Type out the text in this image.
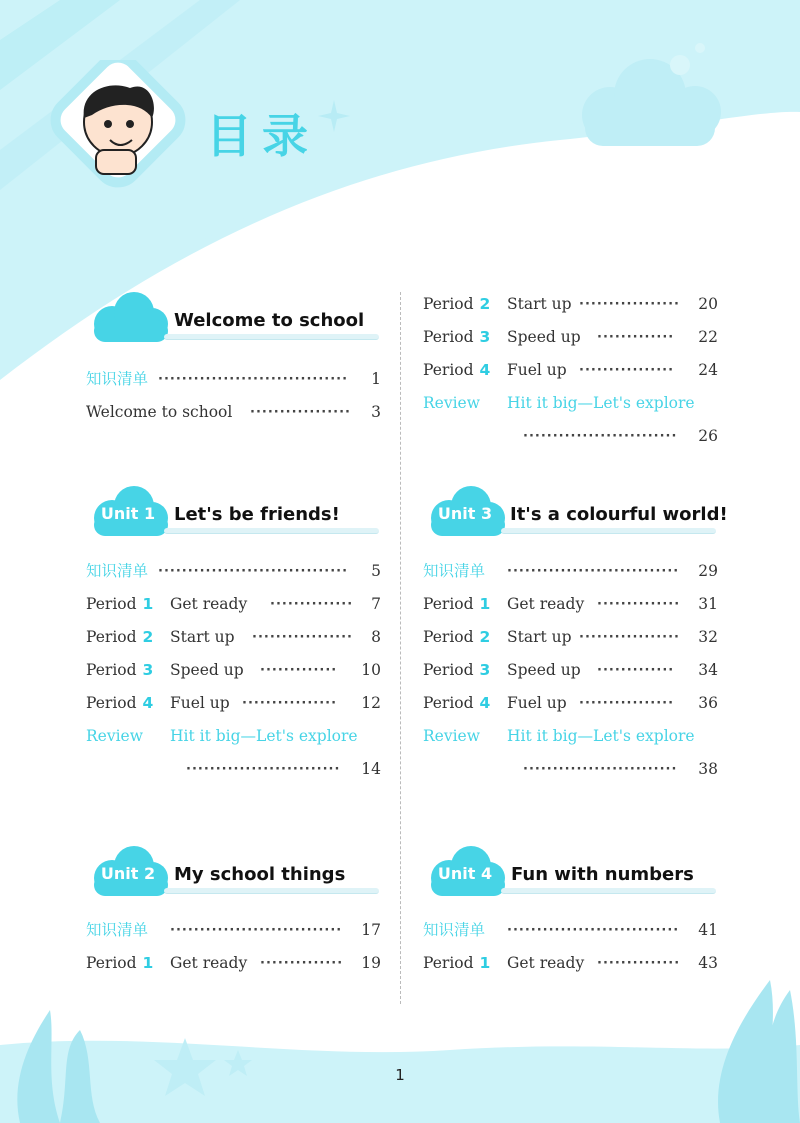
目录
Welcome to school
知识清单 ································	1
Welcome to school ·················	3
Unit 1 Let's be friends!
知识清单 ································	5
Period 1 Get ready ··············	7
Period 2 Start up ·················	8
Period 3 Speed up ·············	10
Period 4 Fuel up ················	12
Review Hit it big—Let's explore
··························	14
Unit 2 My school things
知识清单 ·····························	17
Period 1 Get ready ··············	19
Period 2 Start up ·················	20
Period 3 Speed up ·············	22
Period 4 Fuel up ················	24
Review Hit it big—Let's explore
··························	26
Unit 3 It's a colourful world!
知识清单 ·····························	29
Period 1 Get ready ··············	31
Period 2 Start up ·················	32
Period 3 Speed up ·············	34
Period 4 Fuel up ················	36
Review Hit it big—Let's explore
··························	38
Unit 4 Fun with numbers
知识清单 ·····························	41
Period 1 Get ready ··············	43
1
